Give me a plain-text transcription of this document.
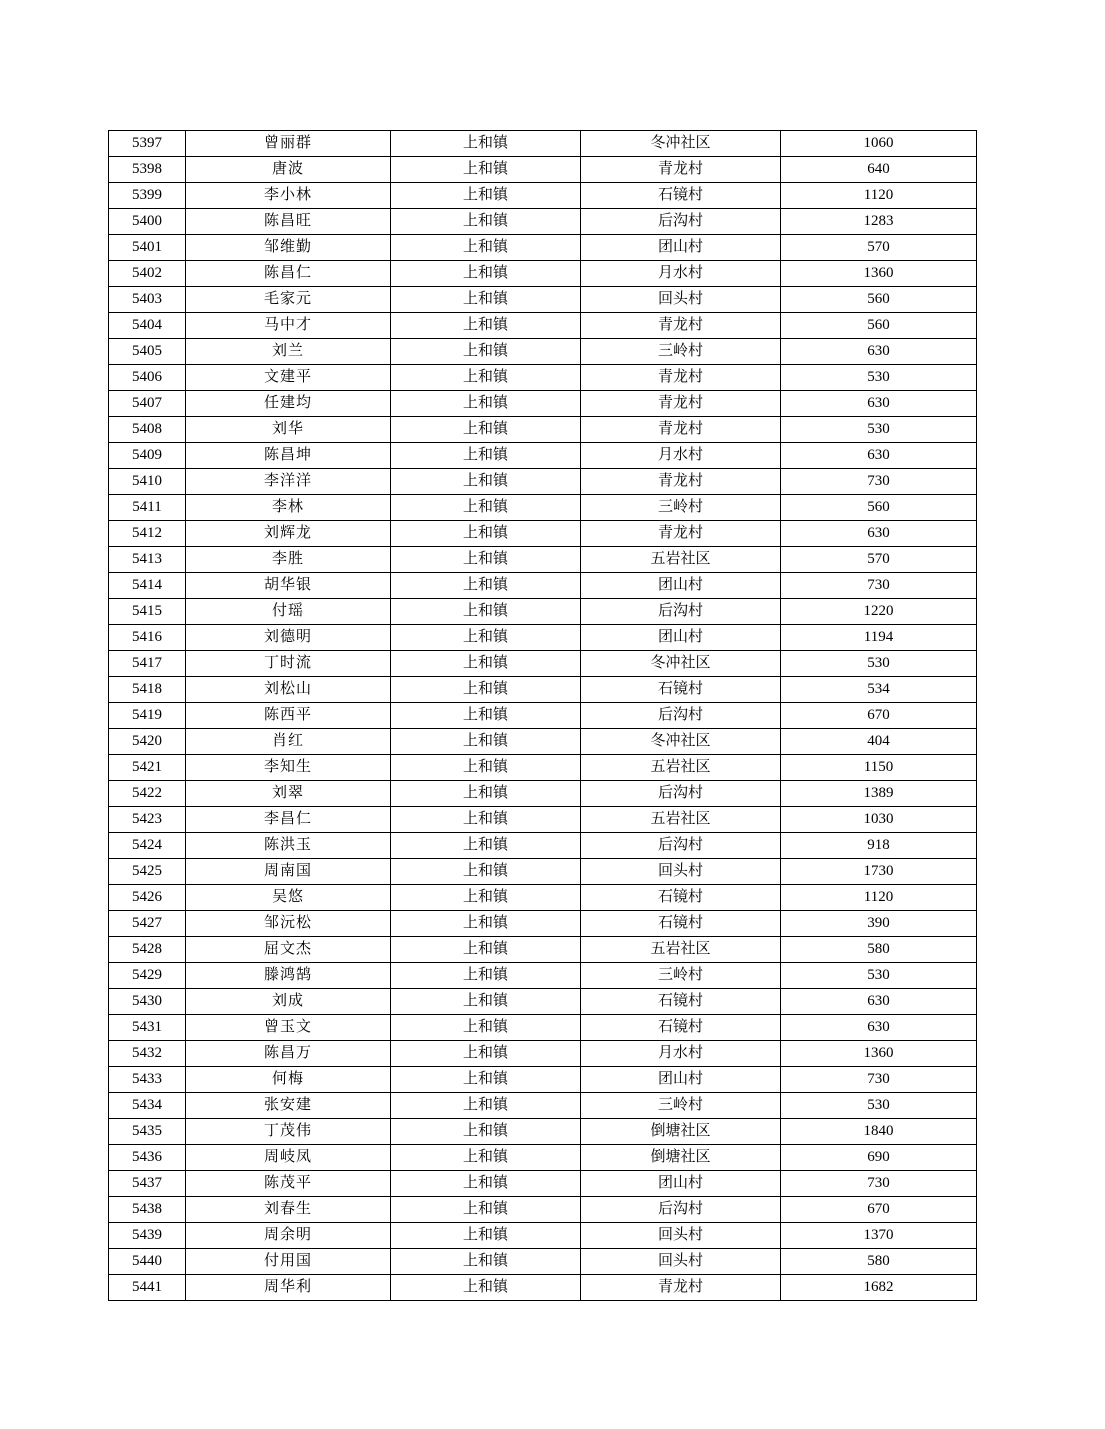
5397	曾丽群	上和镇	冬冲社区	1060
5398	唐波	上和镇	青龙村	640
5399	李小林	上和镇	石镜村	1120
5400	陈昌旺	上和镇	后沟村	1283
5401	邹维勤	上和镇	团山村	570
5402	陈昌仁	上和镇	月水村	1360
5403	毛家元	上和镇	回头村	560
5404	马中才	上和镇	青龙村	560
5405	刘兰	上和镇	三岭村	630
5406	文建平	上和镇	青龙村	530
5407	任建均	上和镇	青龙村	630
5408	刘华	上和镇	青龙村	530
5409	陈昌坤	上和镇	月水村	630
5410	李洋洋	上和镇	青龙村	730
5411	李林	上和镇	三岭村	560
5412	刘辉龙	上和镇	青龙村	630
5413	李胜	上和镇	五岩社区	570
5414	胡华银	上和镇	团山村	730
5415	付瑶	上和镇	后沟村	1220
5416	刘德明	上和镇	团山村	1194
5417	丁时流	上和镇	冬冲社区	530
5418	刘松山	上和镇	石镜村	534
5419	陈西平	上和镇	后沟村	670
5420	肖红	上和镇	冬冲社区	404
5421	李知生	上和镇	五岩社区	1150
5422	刘翠	上和镇	后沟村	1389
5423	李昌仁	上和镇	五岩社区	1030
5424	陈洪玉	上和镇	后沟村	918
5425	周南国	上和镇	回头村	1730
5426	吴悠	上和镇	石镜村	1120
5427	邹沅松	上和镇	石镜村	390
5428	屈文杰	上和镇	五岩社区	580
5429	滕鸿鹄	上和镇	三岭村	530
5430	刘成	上和镇	石镜村	630
5431	曾玉文	上和镇	石镜村	630
5432	陈昌万	上和镇	月水村	1360
5433	何梅	上和镇	团山村	730
5434	张安建	上和镇	三岭村	530
5435	丁茂伟	上和镇	倒塘社区	1840
5436	周岐凤	上和镇	倒塘社区	690
5437	陈茂平	上和镇	团山村	730
5438	刘春生	上和镇	后沟村	670
5439	周余明	上和镇	回头村	1370
5440	付用国	上和镇	回头村	580
5441	周华利	上和镇	青龙村	1682
